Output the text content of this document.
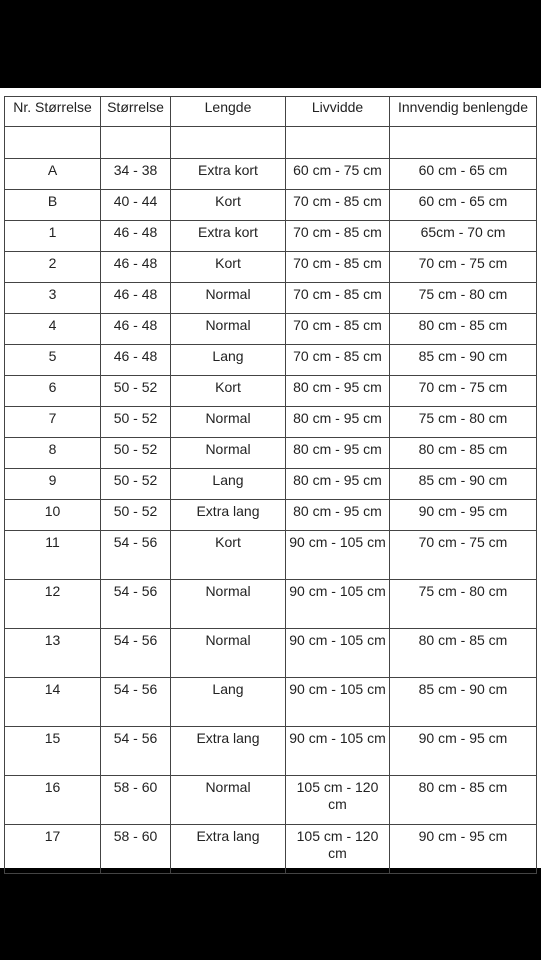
Nr. Størrelse	Størrelse	Lengde	Livvidde	Innvendig benlengde

A	34 - 38	Extra kort	60 cm - 75 cm	60 cm - 65 cm
B	40 - 44	Kort	70 cm - 85 cm	60 cm - 65 cm
1	46 - 48	Extra kort	70 cm - 85 cm	65cm - 70 cm
2	46 - 48	Kort	70 cm - 85 cm	70 cm - 75 cm
3	46 - 48	Normal	70 cm - 85 cm	75 cm - 80 cm
4	46 - 48	Normal	70 cm - 85 cm	80 cm - 85 cm
5	46 - 48	Lang	70 cm - 85 cm	85 cm - 90 cm
6	50 - 52	Kort	80 cm - 95 cm	70 cm - 75 cm
7	50 - 52	Normal	80 cm - 95 cm	75 cm - 80 cm
8	50 - 52	Normal	80 cm - 95 cm	80 cm - 85 cm
9	50 - 52	Lang	80 cm - 95 cm	85 cm - 90 cm
10	50 - 52	Extra lang	80 cm - 95 cm	90 cm - 95 cm
11	54 - 56	Kort	90 cm - 105 cm	70 cm - 75 cm
12	54 - 56	Normal	90 cm - 105 cm	75 cm - 80 cm
13	54 - 56	Normal	90 cm - 105 cm	80 cm - 85 cm
14	54 - 56	Lang	90 cm - 105 cm	85 cm - 90 cm
15	54 - 56	Extra lang	90 cm - 105 cm	90 cm - 95 cm
16	58 - 60	Normal	105 cm - 120 cm	80 cm - 85 cm
17	58 - 60	Extra lang	105 cm - 120 cm	90 cm - 95 cm
